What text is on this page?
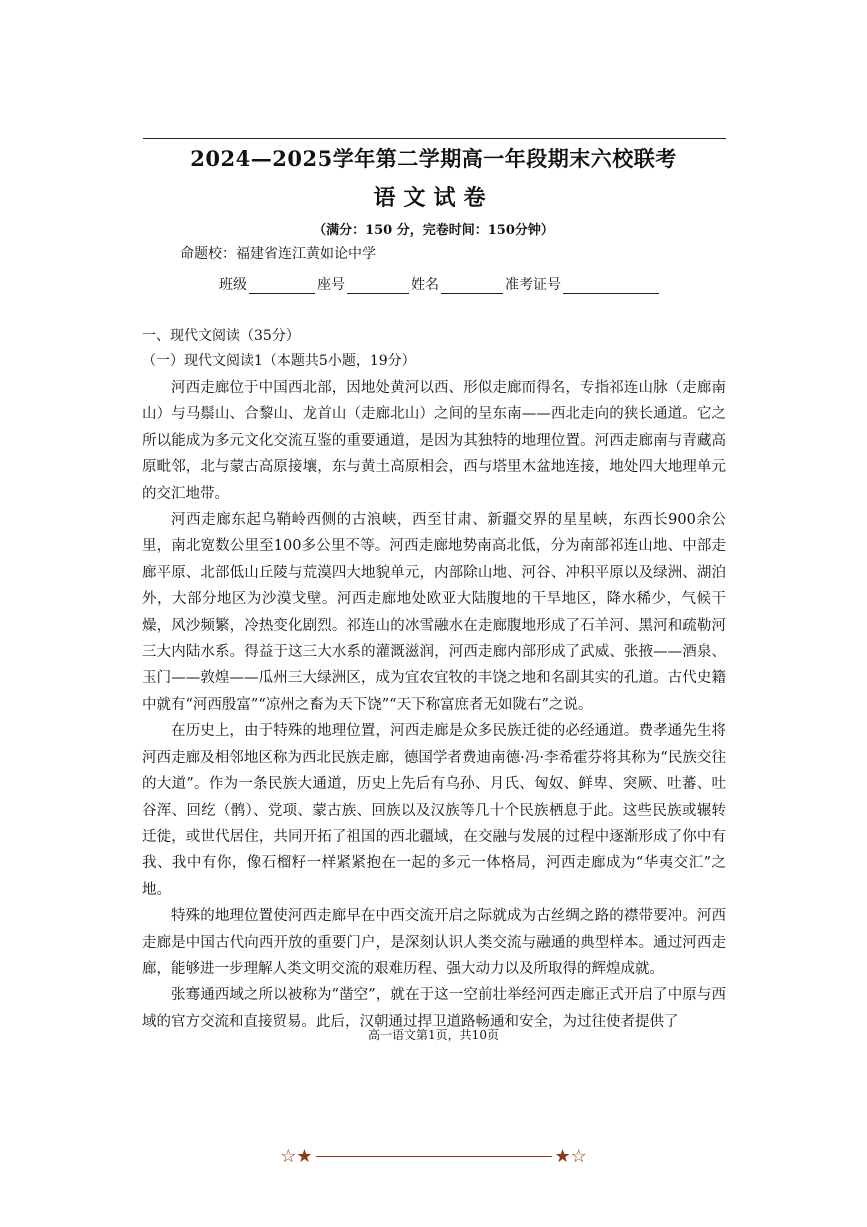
2024—2025学年第二学期高一年段期末六校联考
语文试卷
（满分：150 分，完卷时间：150分钟）
命题校：福建省连江黄如论中学
班级	座号	姓名	准考证号
一、现代文阅读（35分）
（一）现代文阅读1（本题共5小题，19分）

河西走廊位于中国西北部，因地处黄河以西、形似走廊而得名，专指祁连山脉（走廊南山）与马鬃山、合黎山、龙首山（走廊北山）之间的呈东南——西北走向的狭长通道。它之所以能成为多元文化交流互鉴的重要通道，是因为其独特的地理位置。河西走廊南与青藏高原毗邻，北与蒙古高原接壤，东与黄土高原相会，西与塔里木盆地连接，地处四大地理单元的交汇地带。

河西走廊东起乌鞘岭西侧的古浪峡，西至甘肃、新疆交界的星星峡，东西长900余公里，南北宽数公里至100多公里不等。河西走廊地势南高北低，分为南部祁连山地、中部走廊平原、北部低山丘陵与荒漠四大地貌单元，内部除山地、河谷、冲积平原以及绿洲、湖泊外，大部分地区为沙漠戈壁。河西走廊地处欧亚大陆腹地的干旱地区，降水稀少，气候干燥，风沙频繁，冷热变化剧烈。祁连山的冰雪融水在走廊腹地形成了石羊河、黑河和疏勒河三大内陆水系。得益于这三大水系的灌溉滋润，河西走廊内部形成了武威、张掖——酒泉、玉门——敦煌——瓜州三大绿洲区，成为宜农宜牧的丰饶之地和名副其实的孔道。古代史籍中就有“河西殷富”“凉州之畜为天下饶”“天下称富庶者无如陇右”之说。

在历史上，由于特殊的地理位置，河西走廊是众多民族迁徙的必经通道。费孝通先生将河西走廊及相邻地区称为西北民族走廊，德国学者费迪南德·冯·李希霍芬将其称为“民族交往的大道”。作为一条民族大通道，历史上先后有乌孙、月氏、匈奴、鲜卑、突厥、吐蕃、吐谷浑、回纥（鹘）、党项、蒙古族、回族以及汉族等几十个民族栖息于此。这些民族或辗转迁徙，或世代居住，共同开拓了祖国的西北疆域，在交融与发展的过程中逐渐形成了你中有我、我中有你，像石榴籽一样紧紧抱在一起的多元一体格局，河西走廊成为“华夷交汇”之地。

特殊的地理位置使河西走廊早在中西交流开启之际就成为古丝绸之路的襟带要冲。河西走廊是中国古代向西开放的重要门户，是深刻认识人类交流与融通的典型样本。通过河西走廊，能够进一步理解人类文明交流的艰难历程、强大动力以及所取得的辉煌成就。

张骞通西域之所以被称为“凿空”，就在于这一空前壮举经河西走廊正式开启了中原与西域的官方交流和直接贸易。此后，汉朝通过捍卫道路畅通和安全，为过往使者提供了

高一语文第1页，共10页
☆ ★	★ ☆
